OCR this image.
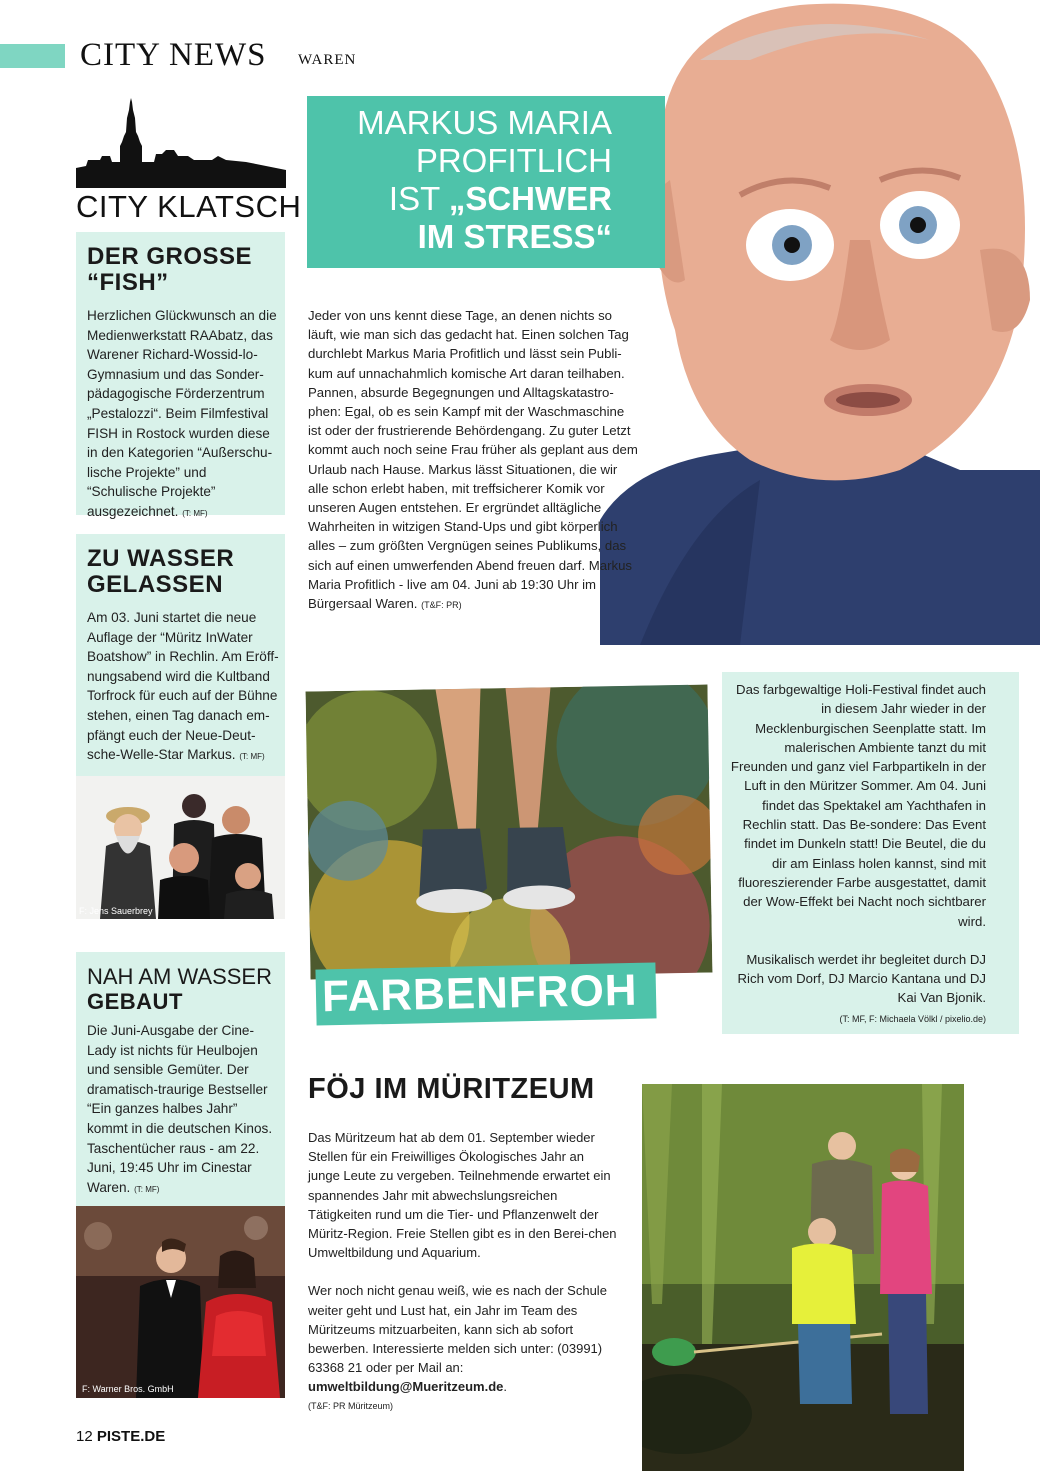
CITY NEWS WAREN
CITY KLATSCH
DER GROSSE
“FISH”
Herzlichen Glückwunsch an die Medienwerkstatt RAAbatz, das Warener Richard-Wossid-lo-Gymnasium und das Sonder-pädagogische Förderzentrum „Pestalozzi“. Beim Filmfestival FISH in Rostock wurden diese in den Kategorien “Außerschu-lische Projekte” und “Schulische Projekte” ausgezeichnet. (T: MF)
ZU WASSER
GELASSEN
Am 03. Juni startet die neue Auflage der “Müritz InWater Boatshow” in Rechlin. Am Eröff-nungsabend wird die Kultband Torfrock für euch auf der Bühne stehen, einen Tag danach em-pfängt euch der Neue-Deut-sche-Welle-Star Markus. (T: MF)
F: Jens Sauerbrey
NAH AM WASSER
GEBAUT
Die Juni-Ausgabe der Cine-Lady ist nichts für Heulbojen und sensible Gemüter. Der dramatisch-traurige Bestseller “Ein ganzes halbes Jahr” kommt in die deutschen Kinos. Taschentücher raus - am 22. Juni, 19:45 Uhr im Cinestar Waren. (T: MF)
F: Warner Bros. GmbH
12 PISTE.DE
MARKUS MARIA
PROFITLICH
IST „SCHWER
IM STRESS“
Jeder von uns kennt diese Tage, an denen nichts so läuft, wie man sich das gedacht hat. Einen solchen Tag durchlebt Markus Maria Profitlich und lässt sein Publi-kum auf unnachahmlich komische Art daran teilhaben. Pannen, absurde Begegnungen und Alltagskatastro-phen: Egal, ob es sein Kampf mit der Waschmaschine ist oder der frustrierende Behördengang. Zu guter Letzt kommt auch noch seine Frau früher als geplant aus dem Urlaub nach Hause. Markus lässt Situationen, die wir alle schon erlebt haben, mit treffsicherer Komik vor unseren Augen entstehen. Er ergründet alltägliche Wahrheiten in witzigen Stand-Ups und gibt körperlich alles – zum größten Vergnügen seines Publikums, das sich auf einen umwerfenden Abend freuen darf. Markus Maria Profitlich - live am 04. Juni ab 19:30 Uhr im Bürgersaal Waren. (T&F: PR)
FARBENFROH
Das farbgewaltige Holi-Festival findet auch in diesem Jahr wieder in der Mecklenburgischen Seenplatte statt. Im malerischen Ambiente tanzt du mit Freunden und ganz viel Farbpartikeln in der Luft in den Müritzer Sommer. Am 04. Juni findet das Spektakel am Yachthafen in Rechlin statt. Das Be-sondere: Das Event findet im Dunkeln statt! Die Beutel, die du dir am Einlass holen kannst, sind mit fluoreszierender Farbe ausgestattet, damit der Wow-Effekt bei Nacht noch sichtbarer wird.
Musikalisch werdet ihr begleitet durch DJ Rich vom Dorf, DJ Marcio Kantana und DJ Kai Van Bjonik.
(T: MF, F: Michaela Völkl / pixelio.de)
FÖJ IM MÜRITZEUM
Das Müritzeum hat ab dem 01. September wieder Stellen für ein Freiwilliges Ökologisches Jahr an junge Leute zu vergeben. Teilnehmende erwartet ein spannendes Jahr mit abwechslungsreichen Tätigkeiten rund um die Tier- und Pflanzenwelt der Müritz-Region. Freie Stellen gibt es in den Berei-chen Umweltbildung und Aquarium.
Wer noch nicht genau weiß, wie es nach der Schule weiter geht und Lust hat, ein Jahr im Team des Müritzeums mitzuarbeiten, kann sich ab sofort bewerben. Interessierte melden sich unter: (03991) 63368 21 oder per Mail an:
umweltbildung@Mueritzeum.de.
(T&F: PR Müritzeum)
